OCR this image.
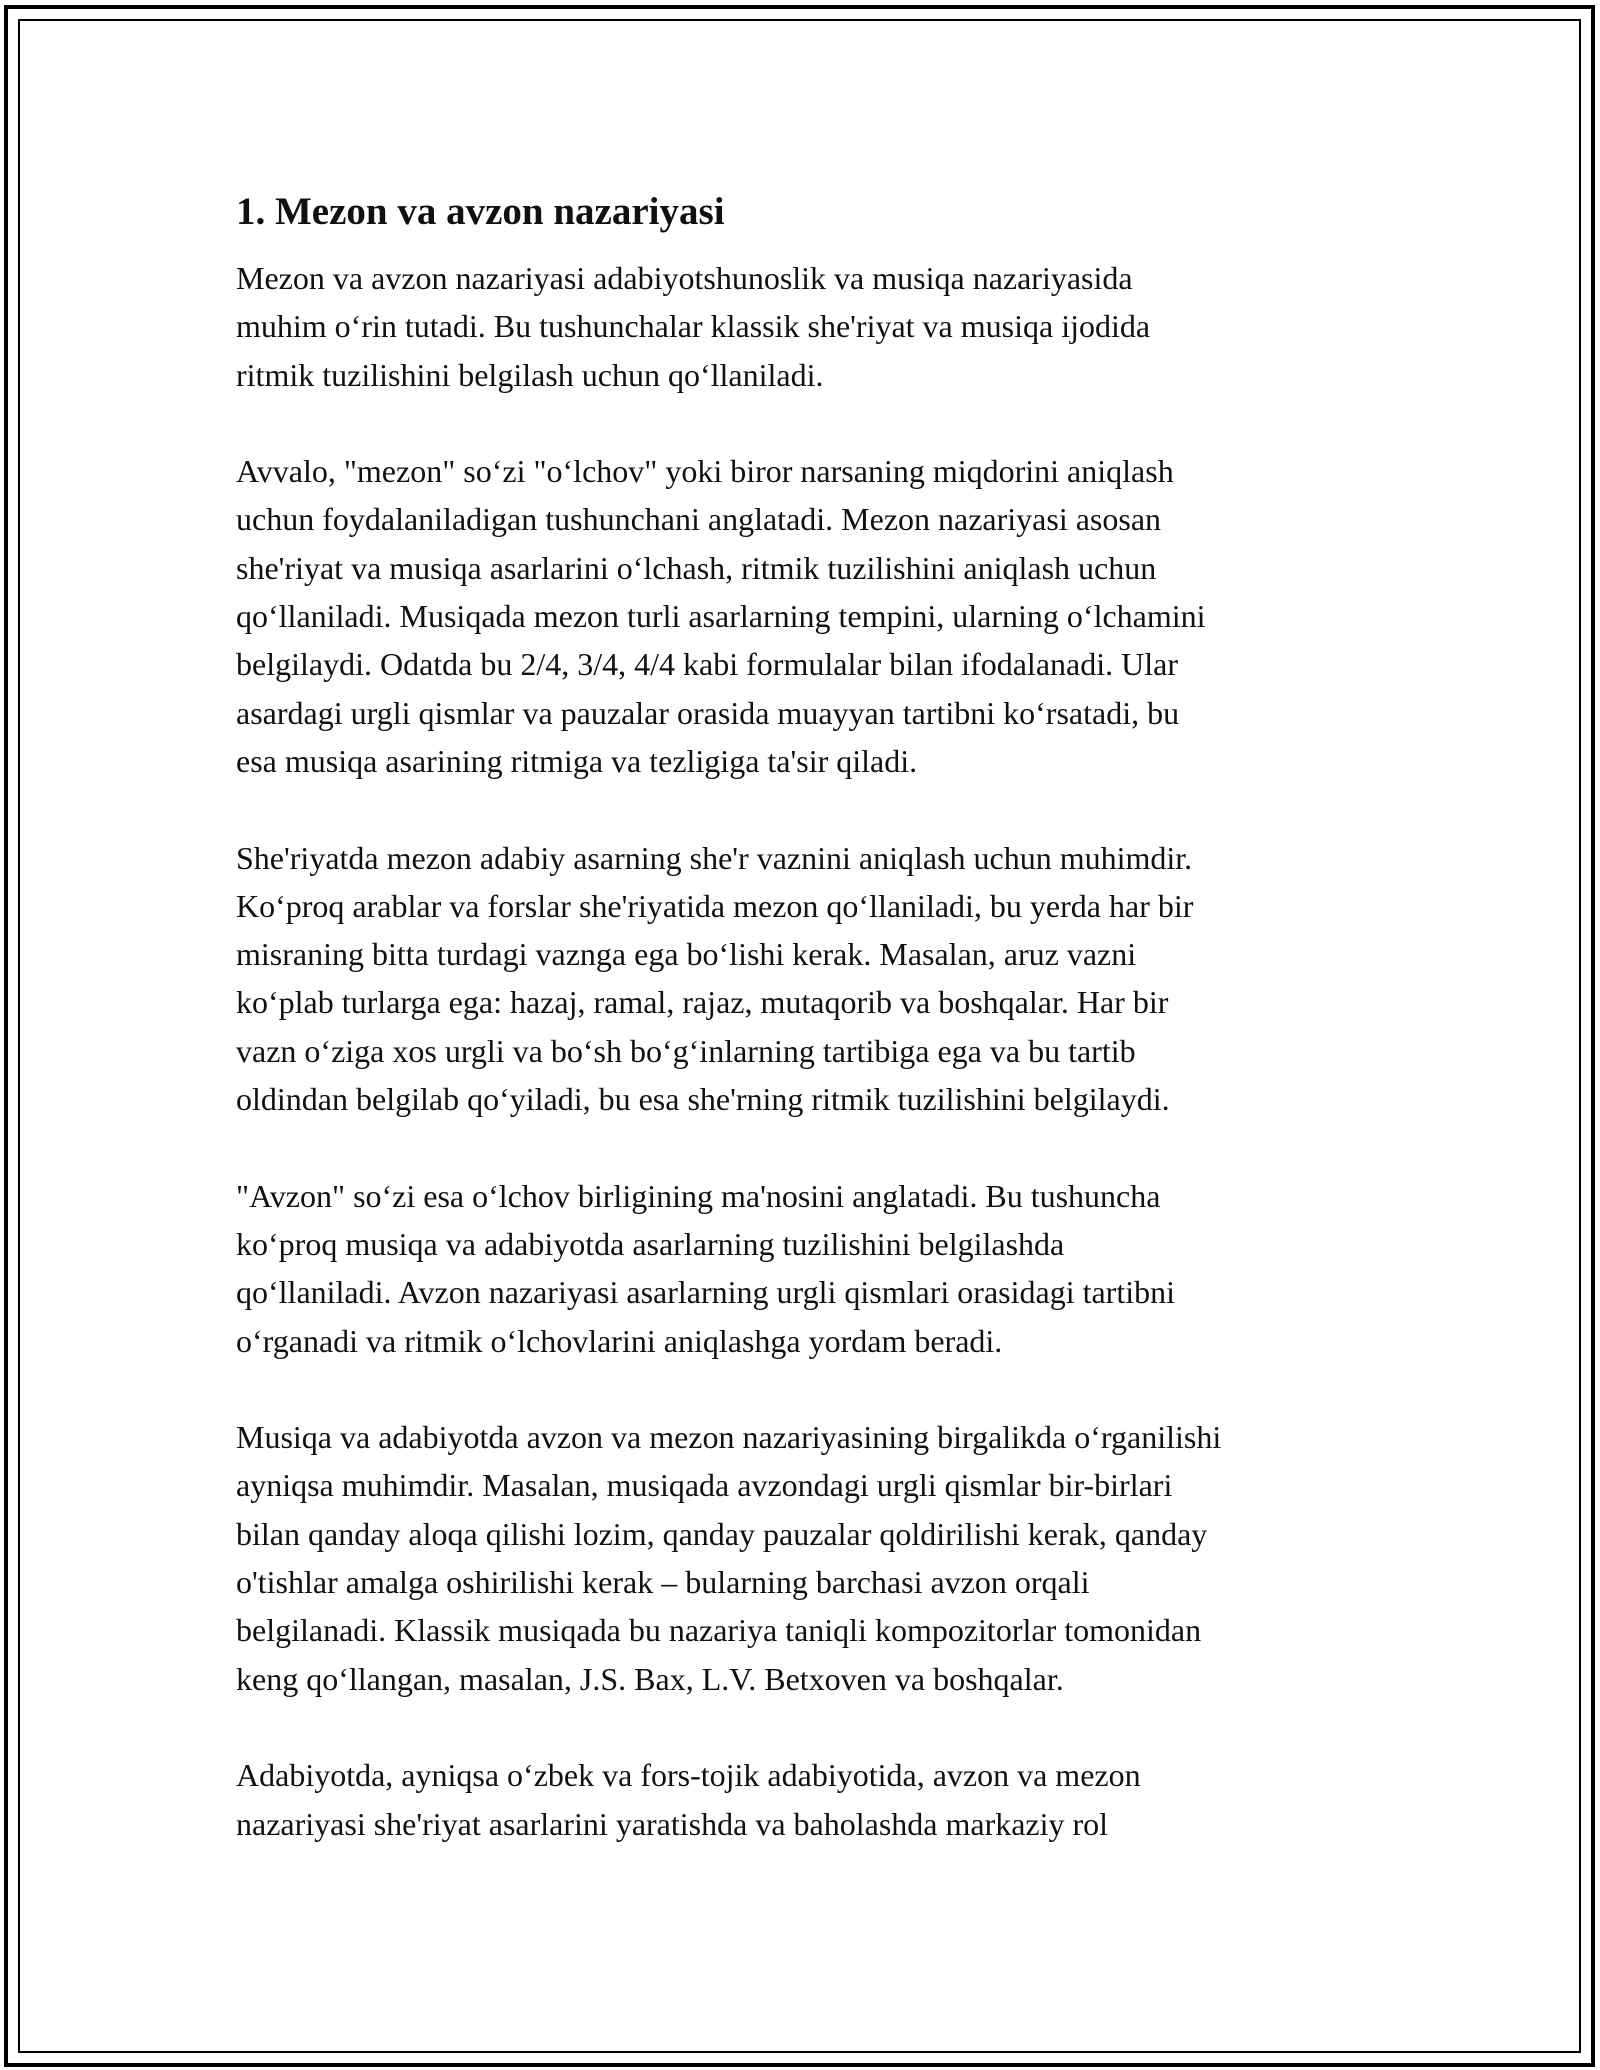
1. Mezon va avzon nazariyasi

Mezon va avzon nazariyasi adabiyotshunoslik va musiqa nazariyasida
muhim o‘rin tutadi. Bu tushunchalar klassik she'riyat va musiqa ijodida
ritmik tuzilishini belgilash uchun qo‘llaniladi.

Avvalo, "mezon" so‘zi "o‘lchov" yoki biror narsaning miqdorini aniqlash
uchun foydalaniladigan tushunchani anglatadi. Mezon nazariyasi asosan
she'riyat va musiqa asarlarini o‘lchash, ritmik tuzilishini aniqlash uchun
qo‘llaniladi. Musiqada mezon turli asarlarning tempini, ularning o‘lchamini
belgilaydi. Odatda bu 2/4, 3/4, 4/4 kabi formulalar bilan ifodalanadi. Ular
asardagi urgli qismlar va pauzalar orasida muayyan tartibni ko‘rsatadi, bu
esa musiqa asarining ritmiga va tezligiga ta'sir qiladi.

She'riyatda mezon adabiy asarning she'r vaznini aniqlash uchun muhimdir.
Ko‘proq arablar va forslar she'riyatida mezon qo‘llaniladi, bu yerda har bir
misraning bitta turdagi vaznga ega bo‘lishi kerak. Masalan, aruz vazni
ko‘plab turlarga ega: hazaj, ramal, rajaz, mutaqorib va boshqalar. Har bir
vazn o‘ziga xos urgli va bo‘sh bo‘g‘inlarning tartibiga ega va bu tartib
oldindan belgilab qo‘yiladi, bu esa she'rning ritmik tuzilishini belgilaydi.

"Avzon" so‘zi esa o‘lchov birligining ma'nosini anglatadi. Bu tushuncha
ko‘proq musiqa va adabiyotda asarlarning tuzilishini belgilashda
qo‘llaniladi. Avzon nazariyasi asarlarning urgli qismlari orasidagi tartibni
o‘rganadi va ritmik o‘lchovlarini aniqlashga yordam beradi.

Musiqa va adabiyotda avzon va mezon nazariyasining birgalikda o‘rganilishi
ayniqsa muhimdir. Masalan, musiqada avzondagi urgli qismlar bir-birlari
bilan qanday aloqa qilishi lozim, qanday pauzalar qoldirilishi kerak, qanday
o'tishlar amalga oshirilishi kerak – bularning barchasi avzon orqali
belgilanadi. Klassik musiqada bu nazariya taniqli kompozitorlar tomonidan
keng qo‘llangan, masalan, J.S. Bax, L.V. Betxoven va boshqalar.

Adabiyotda, ayniqsa o‘zbek va fors-tojik adabiyotida, avzon va mezon
nazariyasi she'riyat asarlarini yaratishda va baholashda markaziy rol
